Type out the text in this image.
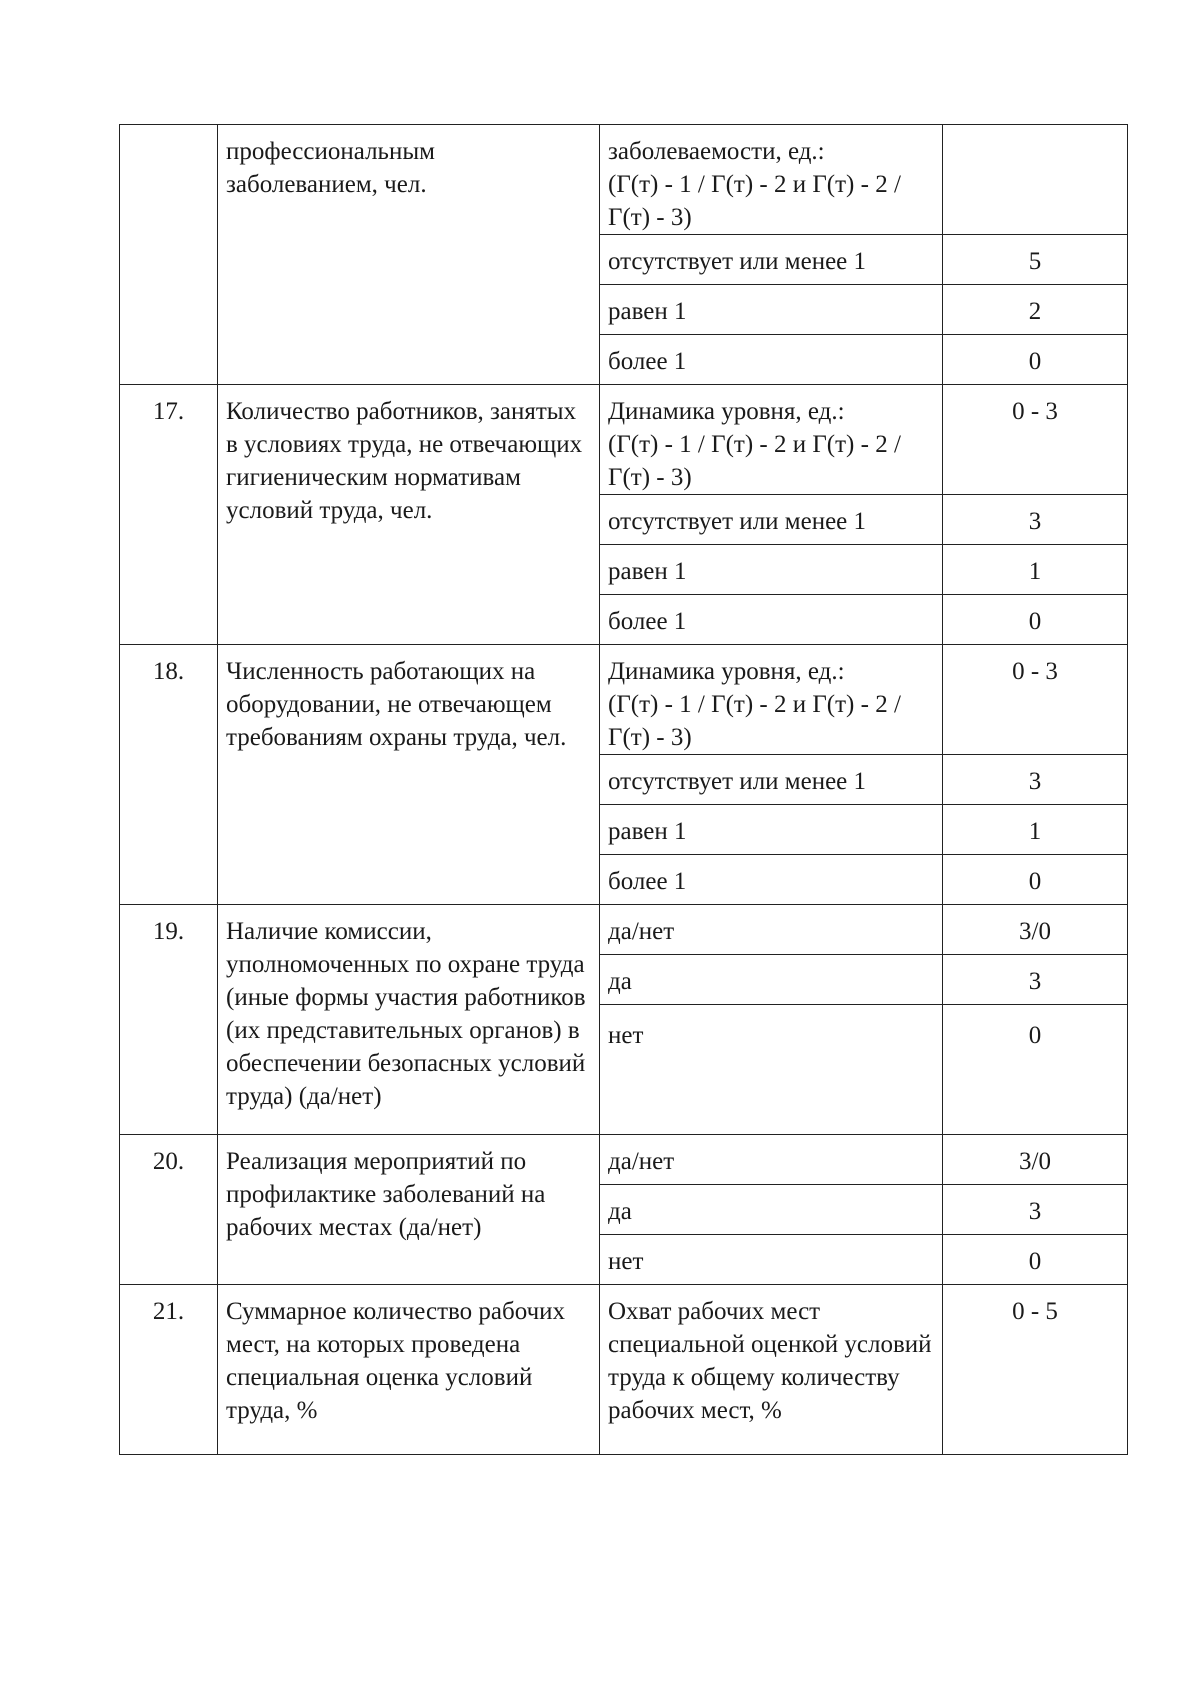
	профессиональным заболеванием, чел.	заболеваемости, ед.:
(Г(т) - 1 / Г(т) - 2 и Г(т) - 2 / Г(т) - 3)	
		отсутствует или менее 1	5
		равен 1	2
		более 1	0
17.	Количество работников, занятых в условиях труда, не отвечающих гигиеническим нормативам условий труда, чел.	Динамика уровня, ед.:
(Г(т) - 1 / Г(т) - 2 и Г(т) - 2 / Г(т) - 3)	0 - 3
		отсутствует или менее 1	3
		равен 1	1
		более 1	0
18.	Численность работающих на оборудовании, не отвечающем требованиям охраны труда, чел.	Динамика уровня, ед.:
(Г(т) - 1 / Г(т) - 2 и Г(т) - 2 / Г(т) - 3)	0 - 3
		отсутствует или менее 1	3
		равен 1	1
		более 1	0
19.	Наличие комиссии, уполномоченных по охране труда (иные формы участия работников (их представительных органов) в обеспечении безопасных условий труда) (да/нет)	да/нет	3/0
		да	3
		нет	0
20.	Реализация мероприятий по профилактике заболеваний на рабочих местах (да/нет)	да/нет	3/0
		да	3
		нет	0
21.	Суммарное количество рабочих мест, на которых проведена специальная оценка условий труда, %	Охват рабочих мест специальной оценкой условий труда к общему количеству рабочих мест, %	0 - 5
